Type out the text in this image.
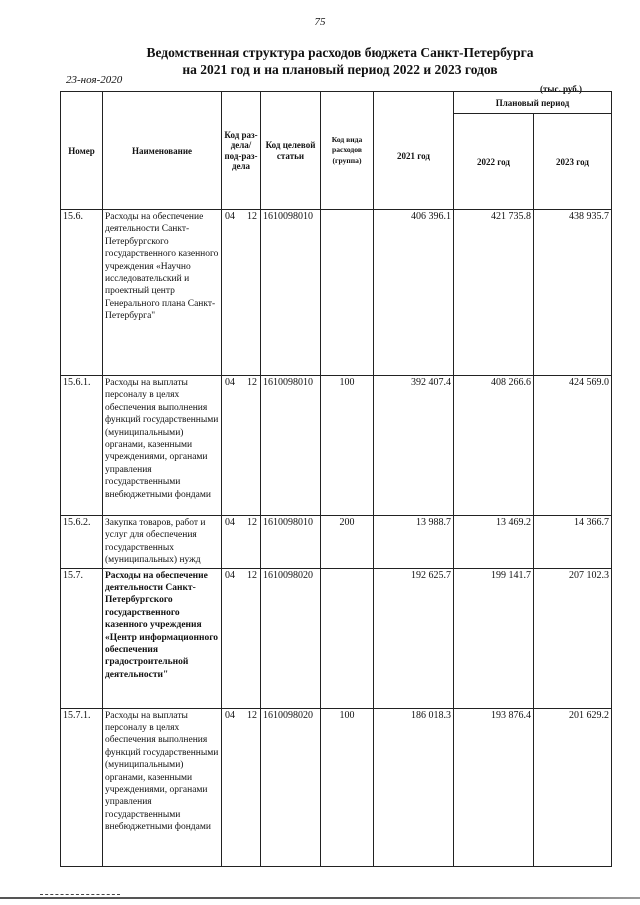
75
Ведомственная структура расходов бюджета Санкт-Петербурга
на 2021 год и на плановый период 2022 и 2023 годов
23-ноя-2020
(тыс. руб.)
Номер	Наименование	Код раз-дела/ под-раз-дела	Код целевой статьи	Код вида расходов (группа)	2021 год	Плановый период	
						2022 год	2023 год
15.6.	Расходы на обеспечение деятельности Санкт-Петербургского государственного казенного учреждения «Научно исследовательский и проектный центр Генерального плана Санкт-Петербурга"	04 12	1610098010		406 396.1	421 735.8	438 935.7
15.6.1.	Расходы на выплаты персоналу в целях обеспечения выполнения функций государственными (муниципальными) органами, казенными учреждениями, органами управления государственными внебюджетными фондами	04 12	1610098010	100	392 407.4	408 266.6	424 569.0
15.6.2.	Закупка товаров, работ и услуг для обеспечения государственных (муниципальных) нужд	04 12	1610098010	200	13 988.7	13 469.2	14 366.7
15.7.	Расходы на обеспечение деятельности Санкт-Петербургского государственного казенного учреждения «Центр информационного обеспечения градостроительной деятельности"	04 12	1610098020		192 625.7	199 141.7	207 102.3
15.7.1.	Расходы на выплаты персоналу в целях обеспечения выполнения функций государственными (муниципальными) органами, казенными учреждениями, органами управления государственными внебюджетными фондами	04 12	1610098020	100	186 018.3	193 876.4	201 629.2
